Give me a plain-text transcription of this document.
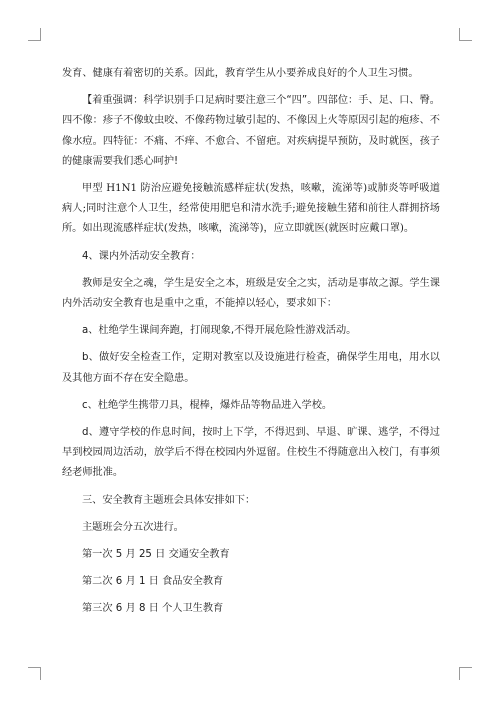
发育、健康有着密切的关系。因此，教育学生从小要养成良好的个人卫生习惯。

【着重强调：科学识别手口足病时要注意三个“四”。四部位：手、足、口、臀。四不像：疹子不像蚊虫咬、不像药物过敏引起的、不像因上火等原因引起的疱疹、不像水痘。四特征：不痛、不痒、不愈合、不留疤。对疾病提早预防，及时就医，孩子的健康需要我们悉心呵护!

甲型 H1N1 防治应避免接触流感样症状(发热，咳嗽，流涕等)或肺炎等呼吸道病人;同时注意个人卫生，经常使用肥皂和清水洗手;避免接触生猪和前往人群拥挤场所。如出现流感样症状(发热，咳嗽，流涕等)，应立即就医(就医时应戴口罩)。

4、课内外活动安全教育：

教师是安全之魂，学生是安全之本，班级是安全之实，活动是事故之源。学生课内外活动安全教育也是重中之重，不能掉以轻心，要求如下：

a、杜绝学生课间奔跑，打闹现象,不得开展危险性游戏活动。

b、做好安全检查工作，定期对教室以及设施进行检查，确保学生用电，用水以及其他方面不存在安全隐患。

c、杜绝学生携带刀具，棍棒，爆炸品等物品进入学校。

d、遵守学校的作息时间，按时上下学，不得迟到、早退、旷课、逃学，不得过早到校园周边活动，放学后不得在校园内外逗留。住校生不得随意出入校门，有事须经老师批准。

三、安全教育主题班会具体安排如下：

主题班会分五次进行。

第一次 5 月 25 日 交通安全教育

第二次 6 月 1 日 食品安全教育

第三次 6 月 8 日 个人卫生教育
